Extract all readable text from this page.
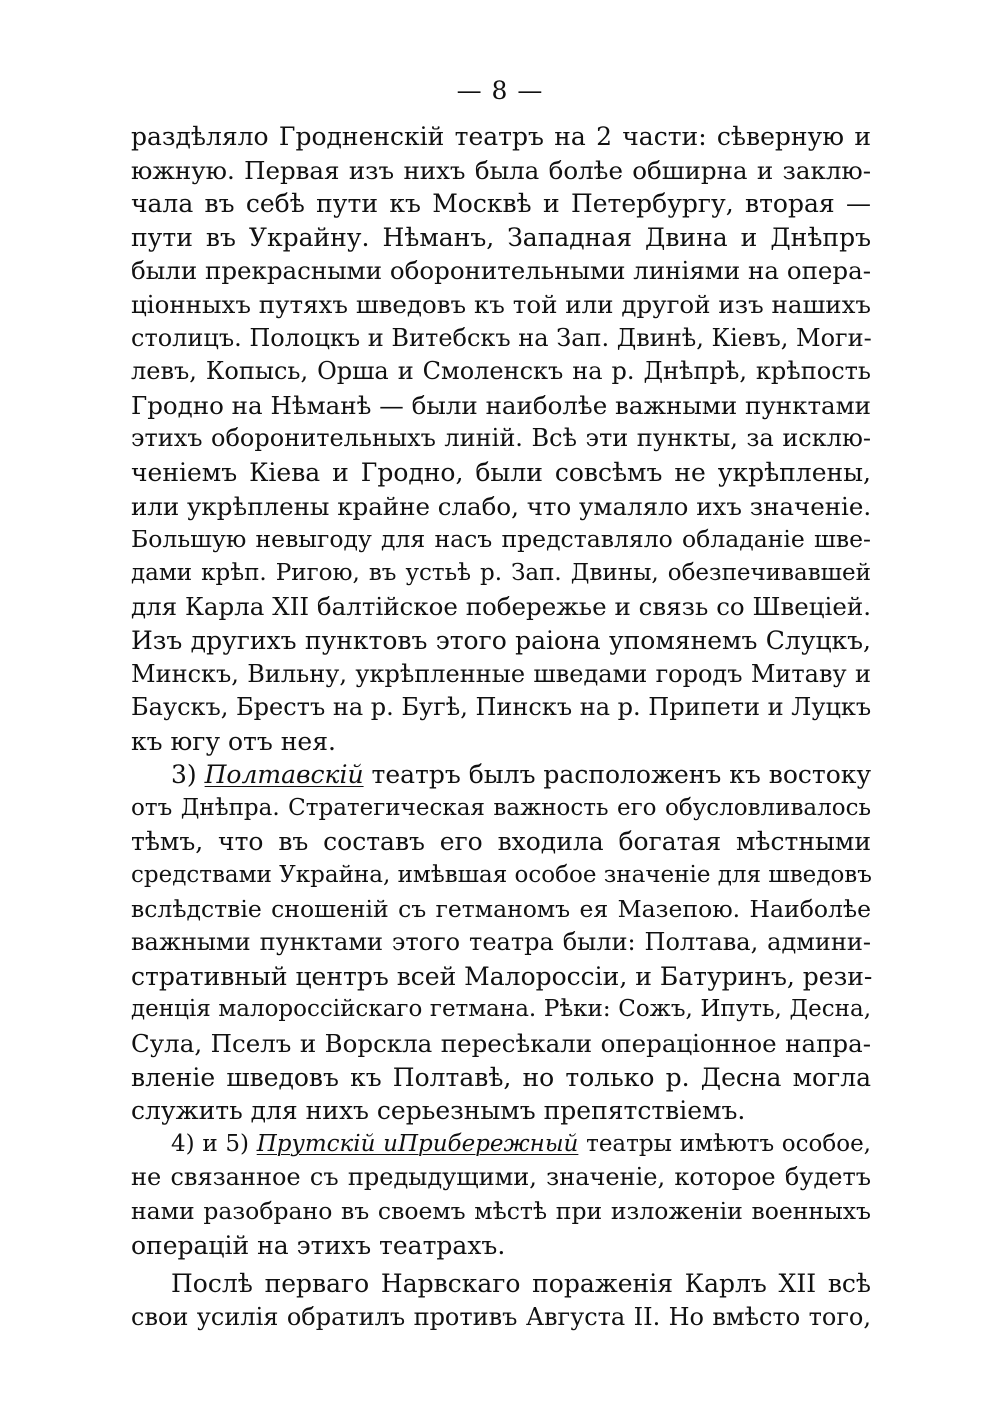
— 8 —
раздѣляло Гродненскій театръ на 2 части: сѣверную и
южную. Первая изъ нихъ была болѣе обширна и заклю-
чала въ себѣ пути къ Москвѣ и Петербургу, вторая —
пути въ Украйну. Нѣманъ, Западная Двина и Днѣпръ
были прекрасными оборонительными линіями на опера-
ціонныхъ путяхъ шведовъ къ той или другой изъ нашихъ
столицъ. Полоцкъ и Витебскъ на Зап. Двинѣ, Кіевъ, Моги-
левъ, Копысь, Орша и Смоленскъ на р. Днѣпрѣ, крѣпость
Гродно на Нѣманѣ — были наиболѣе важными пунктами
этихъ оборонительныхъ линій. Всѣ эти пункты, за исклю-
ченіемъ Кіева и Гродно, были совсѣмъ не укрѣплены,
или укрѣплены крайне слабо, что умаляло ихъ значеніе.
Большую невыгоду для насъ представляло обладаніе шве-
дами крѣп. Ригою, въ устьѣ р. Зап. Двины, обезпечивавшей
для Карла XII балтійское побережье и связь со Швеціей.
Изъ другихъ пунктовъ этого раіона упомянемъ Слуцкъ,
Минскъ, Вильну, укрѣпленные шведами городъ Митаву и
Баускъ, Брестъ на р. Бугѣ, Пинскъ на р. Припети и Луцкъ
къ югу отъ нея.
3) Полтавскій театръ былъ расположенъ къ востоку
отъ Днѣпра. Стратегическая важность его обусловливалось
тѣмъ, что въ составъ его входила богатая мѣстными
средствами Украйна, имѣвшая особое значеніе для шведовъ
вслѣдствіе сношеній съ гетманомъ ея Мазепою. Наиболѣе
важными пунктами этого театра были: Полтава, админи-
стративный центръ всей Малороссіи, и Батуринъ, рези-
денція малороссійскаго гетмана. Рѣки: Сожъ, Ипуть, Десна,
Сула, Пселъ и Ворскла пересѣкали операціонное напра-
вленіе шведовъ къ Полтавѣ, но только р. Десна могла
служить для нихъ серьезнымъ препятствіемъ.
4) и 5) Прутскій иПрибережный театры имѣютъ особое,
не связанное съ предыдущими, значеніе, которое будетъ
нами разобрано въ своемъ мѣстѣ при изложеніи военныхъ
операцій на этихъ театрахъ.
Послѣ перваго Нарвскаго пораженія Карлъ XII всѣ
свои усилія обратилъ противъ Августа II. Но вмѣсто того,
